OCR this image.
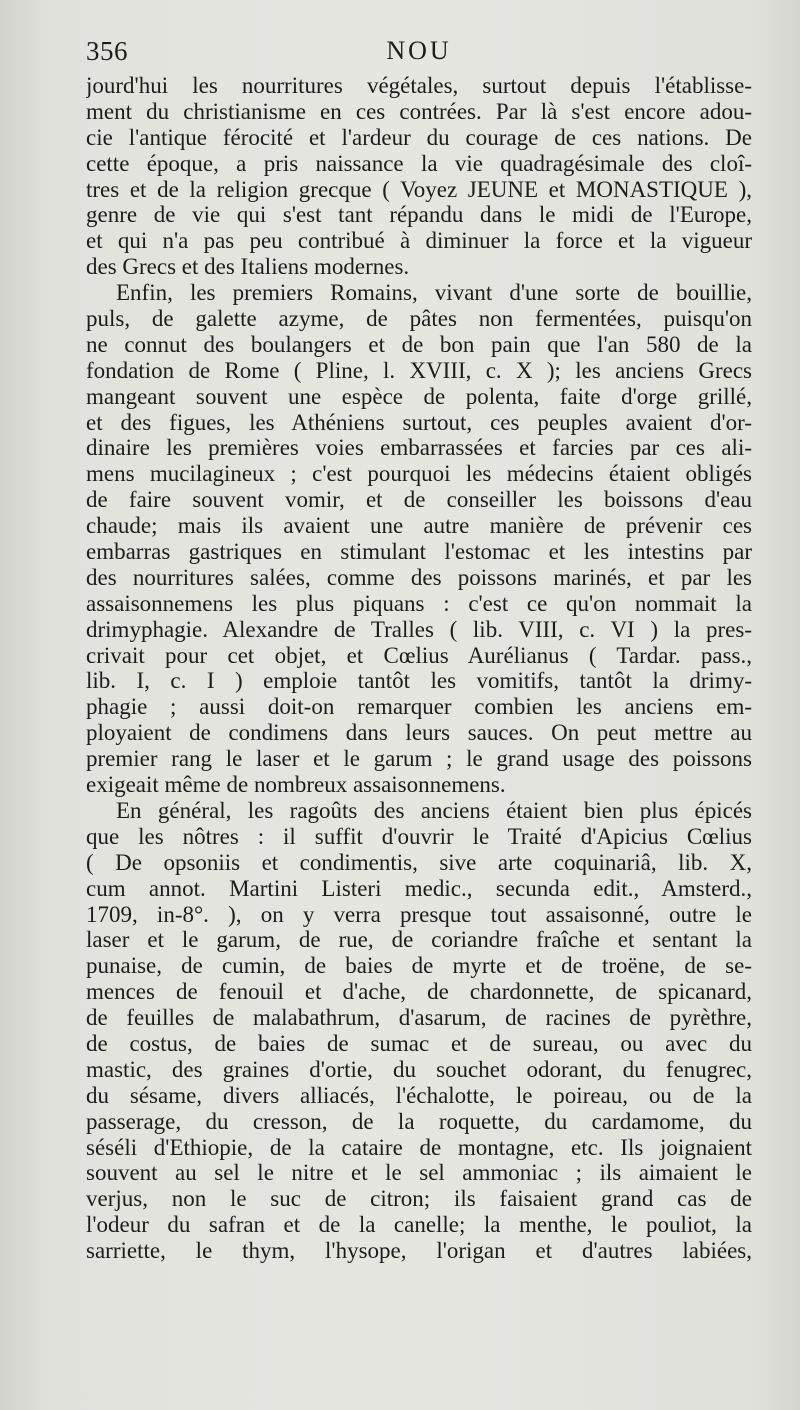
356	NOU
jourd'hui les nourritures végétales, surtout depuis l'établisse-
ment du christianisme en ces contrées. Par là s'est encore adou-
cie l'antique férocité et l'ardeur du courage de ces nations. De
cette époque, a pris naissance la vie quadragésimale des cloî-
tres et de la religion grecque ( Voyez JEUNE et MONASTIQUE ),
genre de vie qui s'est tant répandu dans le midi de l'Europe,
et qui n'a pas peu contribué à diminuer la force et la vigueur
des Grecs et des Italiens modernes.
Enfin, les premiers Romains, vivant d'une sorte de bouillie,
puls, de galette azyme, de pâtes non fermentées, puisqu'on
ne connut des boulangers et de bon pain que l'an 580 de la
fondation de Rome ( Pline, l. XVIII, c. X ); les anciens Grecs
mangeant souvent une espèce de polenta, faite d'orge grillé,
et des figues, les Athéniens surtout, ces peuples avaient d'or-
dinaire les premières voies embarrassées et farcies par ces ali-
mens mucilagineux ; c'est pourquoi les médecins étaient obligés
de faire souvent vomir, et de conseiller les boissons d'eau
chaude; mais ils avaient une autre manière de prévenir ces
embarras gastriques en stimulant l'estomac et les intestins par
des nourritures salées, comme des poissons marinés, et par les
assaisonnemens les plus piquans : c'est ce qu'on nommait la
drimyphagie. Alexandre de Tralles ( lib. VIII, c. VI ) la pres-
crivait pour cet objet, et Cœlius Aurélianus ( Tardar. pass.,
lib. I, c. I ) emploie tantôt les vomitifs, tantôt la drimy-
phagie ; aussi doit-on remarquer combien les anciens em-
ployaient de condimens dans leurs sauces. On peut mettre au
premier rang le laser et le garum ; le grand usage des poissons
exigeait même de nombreux assaisonnemens.
En général, les ragoûts des anciens étaient bien plus épicés
que les nôtres : il suffit d'ouvrir le Traité d'Apicius Cœlius
( De opsoniis et condimentis, sive arte coquinariâ, lib. X,
cum annot. Martini Listeri medic., secunda edit., Amsterd.,
1709, in-8°. ), on y verra presque tout assaisonné, outre le
laser et le garum, de rue, de coriandre fraîche et sentant la
punaise, de cumin, de baies de myrte et de troëne, de se-
mences de fenouil et d'ache, de chardonnette, de spicanard,
de feuilles de malabathrum, d'asarum, de racines de pyrèthre,
de costus, de baies de sumac et de sureau, ou avec du
mastic, des graines d'ortie, du souchet odorant, du fenugrec,
du sésame, divers alliacés, l'échalotte, le poireau, ou de la
passerage, du cresson, de la roquette, du cardamome, du
séséli d'Ethiopie, de la cataire de montagne, etc. Ils joignaient
souvent au sel le nitre et le sel ammoniac ; ils aimaient le
verjus, non le suc de citron; ils faisaient grand cas de
l'odeur du safran et de la canelle; la menthe, le pouliot, la
sarriette, le thym, l'hysope, l'origan et d'autres labiées,
